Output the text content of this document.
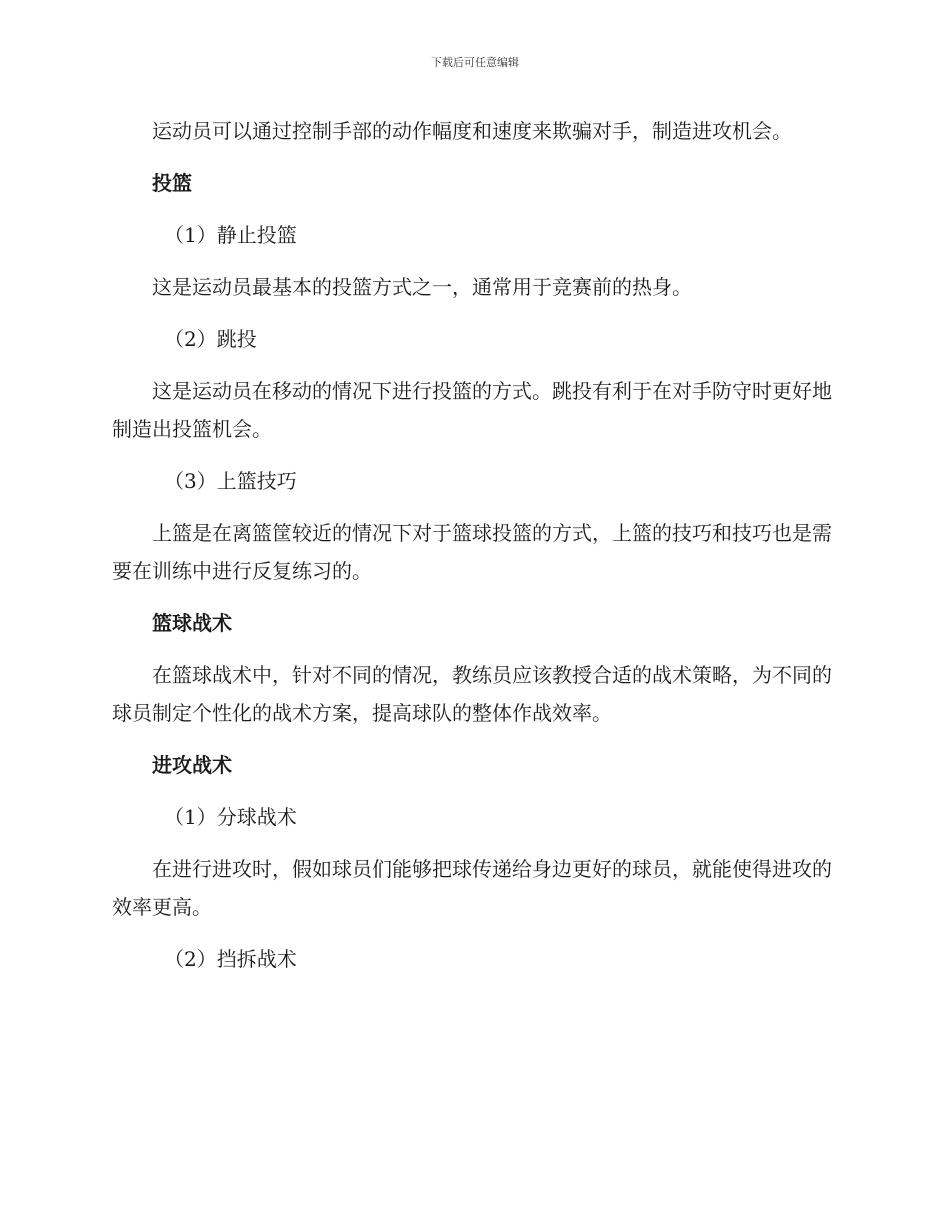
下载后可任意编辑

运动员可以通过控制手部的动作幅度和速度来欺骗对手，制造进攻机会。

投篮

（1）静止投篮

这是运动员最基本的投篮方式之一，通常用于竞赛前的热身。

（2）跳投

这是运动员在移动的情况下进行投篮的方式。跳投有利于在对手防守时更好地制造出投篮机会。

（3）上篮技巧

上篮是在离篮筐较近的情况下对于篮球投篮的方式，上篮的技巧和技巧也是需要在训练中进行反复练习的。

篮球战术

在篮球战术中，针对不同的情况，教练员应该教授合适的战术策略，为不同的球员制定个性化的战术方案，提高球队的整体作战效率。

进攻战术

（1）分球战术

在进行进攻时，假如球员们能够把球传递给身边更好的球员，就能使得进攻的效率更高。

（2）挡拆战术
